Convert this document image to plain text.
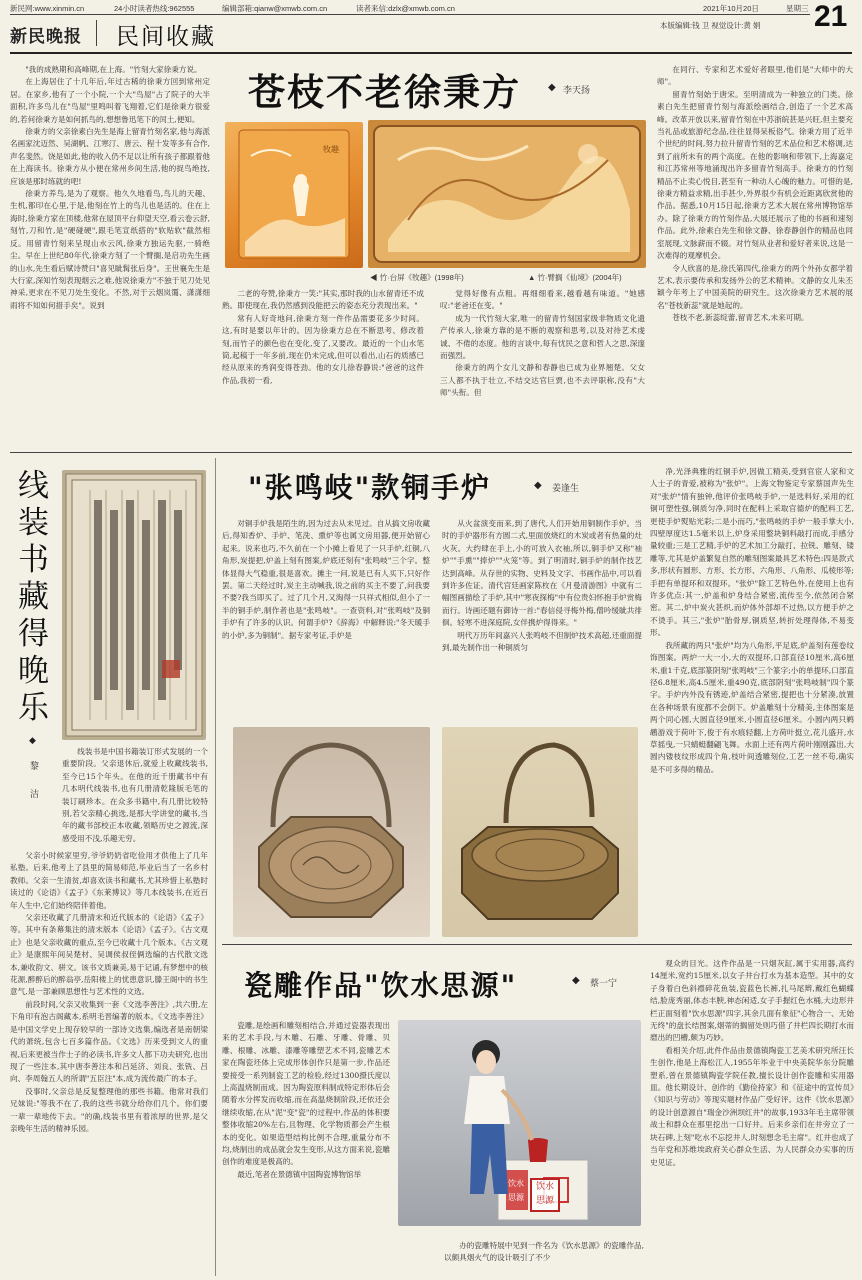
新民网:www.xinmin.cn	24小时读者热线:962555	编辑部箱:qianw@xmwb.com.cn	读者来信:dzlx@xmwb.com.cn	2021年10月20日	星期三 21
新民晚报 民间收藏	本版编辑:钱 卫 视觉设计:黄 娟

"我的成熟期和高峰期,在上海。"竹刻大家徐秉方说。

在上海居住了十几年后,年过古稀的徐秉方回到常州定居。在家乡,他有了一个小院,一个大"鸟屋"占了院子的大半面积,许多鸟儿在"鸟屋"里鸣叫着飞翔着,它们是徐秉方很爱的,若何徐秉方是如何抓鸟的,想想鲁迅笔下的闰土,便知。

徐秉方的父亲徐素白先生是海上留青竹刻名家,他与海派名画家沈迈然、吴湖帆、江寒汀、唐云、程十发等多有合作,声名斐然。饶是如此,他的收入仍不足以让所有孩子都跟着他在上海读书。徐秉方从小便在常州乡间生活,他的捉鸟绝技,应该是那时练就的吧!

徐秉方养鸟,是为了观察。他久久地看鸟,鸟儿的天趣、生机,都印在心里,于是,他刻在竹上的鸟儿也是活的。住在上海时,徐秉方家在顶楼,他常在屋顶平台仰望天空,看云卷云舒,刻竹,刀和竹,是"硬碰硬",跟毛笔宣纸搭的"软贴软"截然相反。用留青竹刻来呈现山水云风,徐秉方独运先驱,一骑绝尘。早在上世纪80年代,徐秉方刻了一个臂搁,是启功先生画的山水,先生看后赋诗赞曰"喜见眦髯张后身"。王世襄先生是大行家,深知竹刻表现烟云之难,他说徐秉方"不独于见刀处见神采,更求在不见刀处生变化。不然,对于云烟岚霭、潇潇细雨将不知如何措手矣"。说到

苍枝不老徐秉方	李天扬
◆
牧趣
◀ 竹·台屏《牧趣》(1998年)	▲ 竹·臂搁《仙境》(2004年)

二老的夸赞,徐秉方一笑:"其实,那时我的山水留青还不成熟。即使现在,我仍然感到没能把云的姿态充分表现出来。"

常有人好奇地问,徐秉方刻一件作品需要花多少时间。这,有时是要以年计的。因为徐秉方总在不断思考、修改着刻,而竹子的颜色也在变化,变了,又要改。最近的一个山水笔筒,起稿于一年多前,现在仍未完成,但可以看出,山石的质感已经从原来的秀润变得苍劲。他的女儿徐春静说:"爸爸的这件作品,我初一看,

觉得好像有点粗。再细细看来,越看越有味道。"她感叹:"老爸还在变。"

成为一代竹刻大家,唯一的留青竹刻国家级非物质文化遗产传承人,徐秉方靠的是不断的观察和思考,以及对待艺术虔诚、不倦的态度。他的言谈中,每有忧民之意和哲人之思,深邃而强烈。

徐秉方的两个女儿文静和春静也已成为业界翘楚。父女三人都不执于壮立,不结交达官巨贾,也不去评职称,没有"大师"头衔。但

在同行、专家和艺术爱好者眼里,他们是"大师中的大师"。

留青竹刻始于唐宋。至明清成为一种独立的门类。徐素白先生把留青竹刻与海派绘画结合,创造了一个艺术高峰。改革开放以来,留青竹刻在中苏浙皖甚是兴旺,但主要充当礼品或旅游纪念品,往往显得呆板俗气。徐秉方用了近半个世纪的时间,努力拉升留青竹刻的艺术品位和艺术格调,达到了前所未有的两个高度。在他的影响和带领下,上海嘉定和江苏常州等地涌现出许多留青竹刻高手。徐秉方的竹刻精品不止卖心悦目,甚至有一种动人心魄的魅力。可惜的是,徐秉方精益求精,出手甚少,外界很少有机会近距离欣赏他的作品。据悉,10月15日起,徐秉方艺术大展在常州博物馆举办。除了徐秉方的竹刻作品,大展还展示了他的书画和速刻作品。此外,徐素白先生和徐文静、徐春静创作的精品也同室展现,文脉薪而不辍。对竹刻从业者和爱好者来说,这是一次难得的观摩机会。

令人欣喜的是,徐氏第四代,徐秉方的两个外孙女都学着艺术,表示要传承和发扬外公的艺术精神。文静的女儿朱丕颖今年考上了中国美院的研究生。这次徐秉方艺术展的展名"苍枝新蕊"就是她起的。

苍枝不老,新蕊绽蕾,留青艺术,未来可期。

线
装
书
藏
得
晚
乐
◆
黎
洁
线装书是中国书籍装订形式发展的一个重要阶段。父亲退休后,就爱上收藏线装书,至今已15个年头。在他的近千册藏书中有几本明代线装书,也有几册清乾隆版毛笔的装订刷珍本。在众多书籍中,有几册比较特别,若父亲精心挑选,是那大学讲堂的藏书,当年的藏书部校正本收藏,领略历史之源流,深感受用不浅,乐趣无穷。

父亲小时候家里穷,爷爷奶奶省吃俭用才供他上了几年私塾。后来,他考上了县里的简易师范,毕业后当了一名乡村教师。父亲一生清贫,却喜欢读书和藏书,尤其珍惜上私塾时读过的《论语》《孟子》《东莱博议》等几本线装书,在近百年人生中,它们始终陪伴着他。

父亲还收藏了几册清末和近代版本的《论语》《孟子》等。其中有条幕集注的清末版本《论语》《孟子》。《古文观止》也是父亲收藏的重点,至今已收藏十几个版本。《古文观止》是康熙年间吴楚材、吴调侯叔侄俩选编的古代散文选本,兼收韵文、骈文。该书文质兼美,易于记诵,有梦想中的核花源,醉醉后的醉翁亭,岳阳楼上的忧患意识,滕王阁中的书生意气,是一部兼顾思想性与艺术性的文选。

前段时间,父亲又收集到一套《文选李善注》,共六册,左下角印有泡古阁藏本,系明毛晋编著的版本。《文选李善注》是中国文学史上现存较早的一部诗文选集,编选者是南朝梁代的萧统,包含七百多篇作品。《文选》历来受到文人的重视,后来更被当作士子的必读书,许多文人都下功夫研究,也出现了一些注本,其中唐李善注本和吕延济、刘良、张铣、吕向、李周翰五人的所谓"五臣注"本,成为流传最广的本子。

没事时,父亲总是反复整理他的那些书籍。他常对我们兄妹说:"等我不在了,我的这些书就分给你们几个。你们要一辈一辈地传下去。"的确,线装书里有着浓厚的世界,是父亲晚年生活的精神乐园。

"张鸣岐"款铜手炉	◆ 姜逢生
对铜手炉我是陌生的,因为过去从未见过。自从搞文房收藏后,得知香炉、手炉、笔洗、熏炉等也属文房用器,便开始留心起来。说来也巧,不久前在一个小摊上看见了一只手炉,红铜,八角形,炭提把,炉盖上刻有图案,炉底还刻有"张鸣岐"三个字。整体显得大气稳重,很是喜欢。摊主一问,说是已有人买下,只好作罢。第二天经过时,炭主主动喊我,说之前的买主不要了,问我要不要?我当即买了。过了几个月,又淘得一只祥式相似,但小了一半的铜手炉,制作者也是"张鸣岐"。一查资料,对"张鸣岐"及铜手炉有了许多的认识。何谓手炉?《辞海》中解释说:"冬天暖手的小炉,多为铜制"。据专家考证,手炉是

从火盆演变而来,到了唐代,人们开始用铜制作手炉。当时的手炉器形有方圆二式,里面放烧红的木炭或者有热量的灶火灰。大约肆在手上,小的可放入衣袖,所以,铜手炉又称"袖炉""手熏""捧炉""火笼"等。到了明清时,铜手炉的制作技艺达到高峰。从存世的实物、史料及文字、书画作品中,可以看到许多佐证。清代宫廷画家陈枚在《月曼清游图》中就有二幅图画描绘了手炉,其中"寒夜探梅"中有位贵妇怀抱手炉赏梅而行。诗画还题有御诗一首:"春信侵寻梅外梅,僧吟缓眦共徘徊。轻寒不进深庭院,女伴携炉得得来。"

明代万历年间嘉兴人张鸣岐不但制炉技术高超,还重面提到,最先制作出一种铜质匀

净,光泽典雅的红铜手炉,因做工精美,受到官宦人家和文人士子的青爱,被称为"张炉"。上海文物鉴定专家蔡国声先生对"张炉"情有独钟,他评价张鸣岐手炉,一是选料好,采用的红铜可塑性强,铜质匀净,同时在配料上采取官德炉的配料工艺,更使手炉熨贴光彩;二是小而巧,"张鸣岐的手炉一般手掌大小,四壁厚度达1.5毫米以上,炉身采用整块铜料敲打而成,手感分量较重;三是工艺精,手炉的艺术加工分敲打、拉铣、雕刻、镂雕等,尤其是炉盖繁复自然的雕刻图案最具艺术特色:四是款式多,形状有圆形、方形、长方形、六角形、八角形、瓜棱形等;手把有单提环和双提环。"张炉"除工艺特色外,在使用上也有许多优点:其一,炉盖和炉身结合紧密,流传至今,依然闭合紧密。其二,炉中炭火甚炽,而炉体外部却不过热,以方便手炉之不烫手。其三,"张炉"胎骨厚,铜质坚,转折处理得体,不易变形。

我所藏的两只"张炉"均为八角形,平足底,炉盖刻有莲卷纹饰图案。两炉一大一小,大的双提环,口部直径10厘米,高6厘米,重1千克,底部篆阴刻"张鸣岐"三个篆字;小的单提环,口部直径6.8厘米,高4.5厘米,重490克,底部阴刻"张鸣岐制"四个篆字。手炉内外没有锈迹,炉盖结合紧密,提把也十分紧凑,放置在各种场景有度都不会倒下。炉盖雕刻十分精美,主体图案是两个同心圆,大圆直径9厘米,小圆直径6厘米。小圆内两只鹈鹕游戏于荷叶下,俊于有水痕轻翻,上方荷叶挺立,花儿盛开,水草摇曳,一只蜻蜓翻翩飞舞。水面上还有两片荷叶刚刚露出,大圆内镂枝纹形成四个角,枝叶间透雕刻位,工艺一丝不苟,确实是不可多得的精品。

瓷雕作品"饮水思源"	◆ 蔡一宁

瓷雕,是绘画和雕刻相结合,并通过瓷器表现出来的艺术手段,与木雕、石雕、牙雕、骨雕、贝雕、根雕、冰雕、漆雕等雕塑艺术不同,瓷雕艺术家在陶瓷坯体上完成形体创作只是第一步,作品还要接受一系列制瓷工艺的检验,经过1300摄氏度以上高温烧制而成。因为陶瓷原料制成特定形体后会随着水分挥发而收缩,而在高温烧制阶段,还依还会继续收缩,在从"泥"变"瓷"的过程中,作品的体积要整体收缩20%左右,且物理、化学物质都会产生根本的变化。如果造型结构比例不合理,重量分布不均,烧制出的成品就会发生变形,从这方面来说,瓷雕创作的难度是极高的。

最近,笔者在景德镇中国陶瓷博物馆举

饮水
思源
饮水思源
办的瓷雕特展中见到一件名为《饮水思源》的瓷雕作品,以颇具烟火气的设计吸引了不少

观众的目光。这件作品是一只烟灰缸,属于实用器,高约14厘米,宽约15厘米,以女子井台打水为基本造型。其中的女子身着白色斜襟碎花鱼装,瓷蓝色长裤,扎马尾辫,戴红色蝴蝶结,脸庞秀丽,体态丰腴,神态闲适,女子手握红色水桶,大边形井栏正面刻着"饮水思源"四字,其余几面有象征"心物合一、无始无终"的盘长结图案,烟蒂的搁留处则巧借了井栏四长期打水而磨出的凹槽,颇为巧妙。

看相关介绍,此件作品由景德镇陶瓷工艺美术研究所汪长生创作,他是上海松江人,1955年毕业于中央美院华东分院雕塑系,曾在景德镇陶瓷学院任教,擅长设计创作瓷雕和实用器皿。他长期设计、创作的《勤俭持家》和《征途中的宣传员》《知识与劳动》等现实题材作品广受好评。这件《饮水思源》的设计创意源自"瑞金沙洲坝红井"的故事,1933年毛主席带领战士和群众在那里挖出一口好井。后来乡亲们在井旁立了一块石碑,上刻"吃水不忘挖井人,时刻想念毛主席"。红井也成了当年党和苏维埃政府关心群众生活、为人民群众办实事的历史见证。
